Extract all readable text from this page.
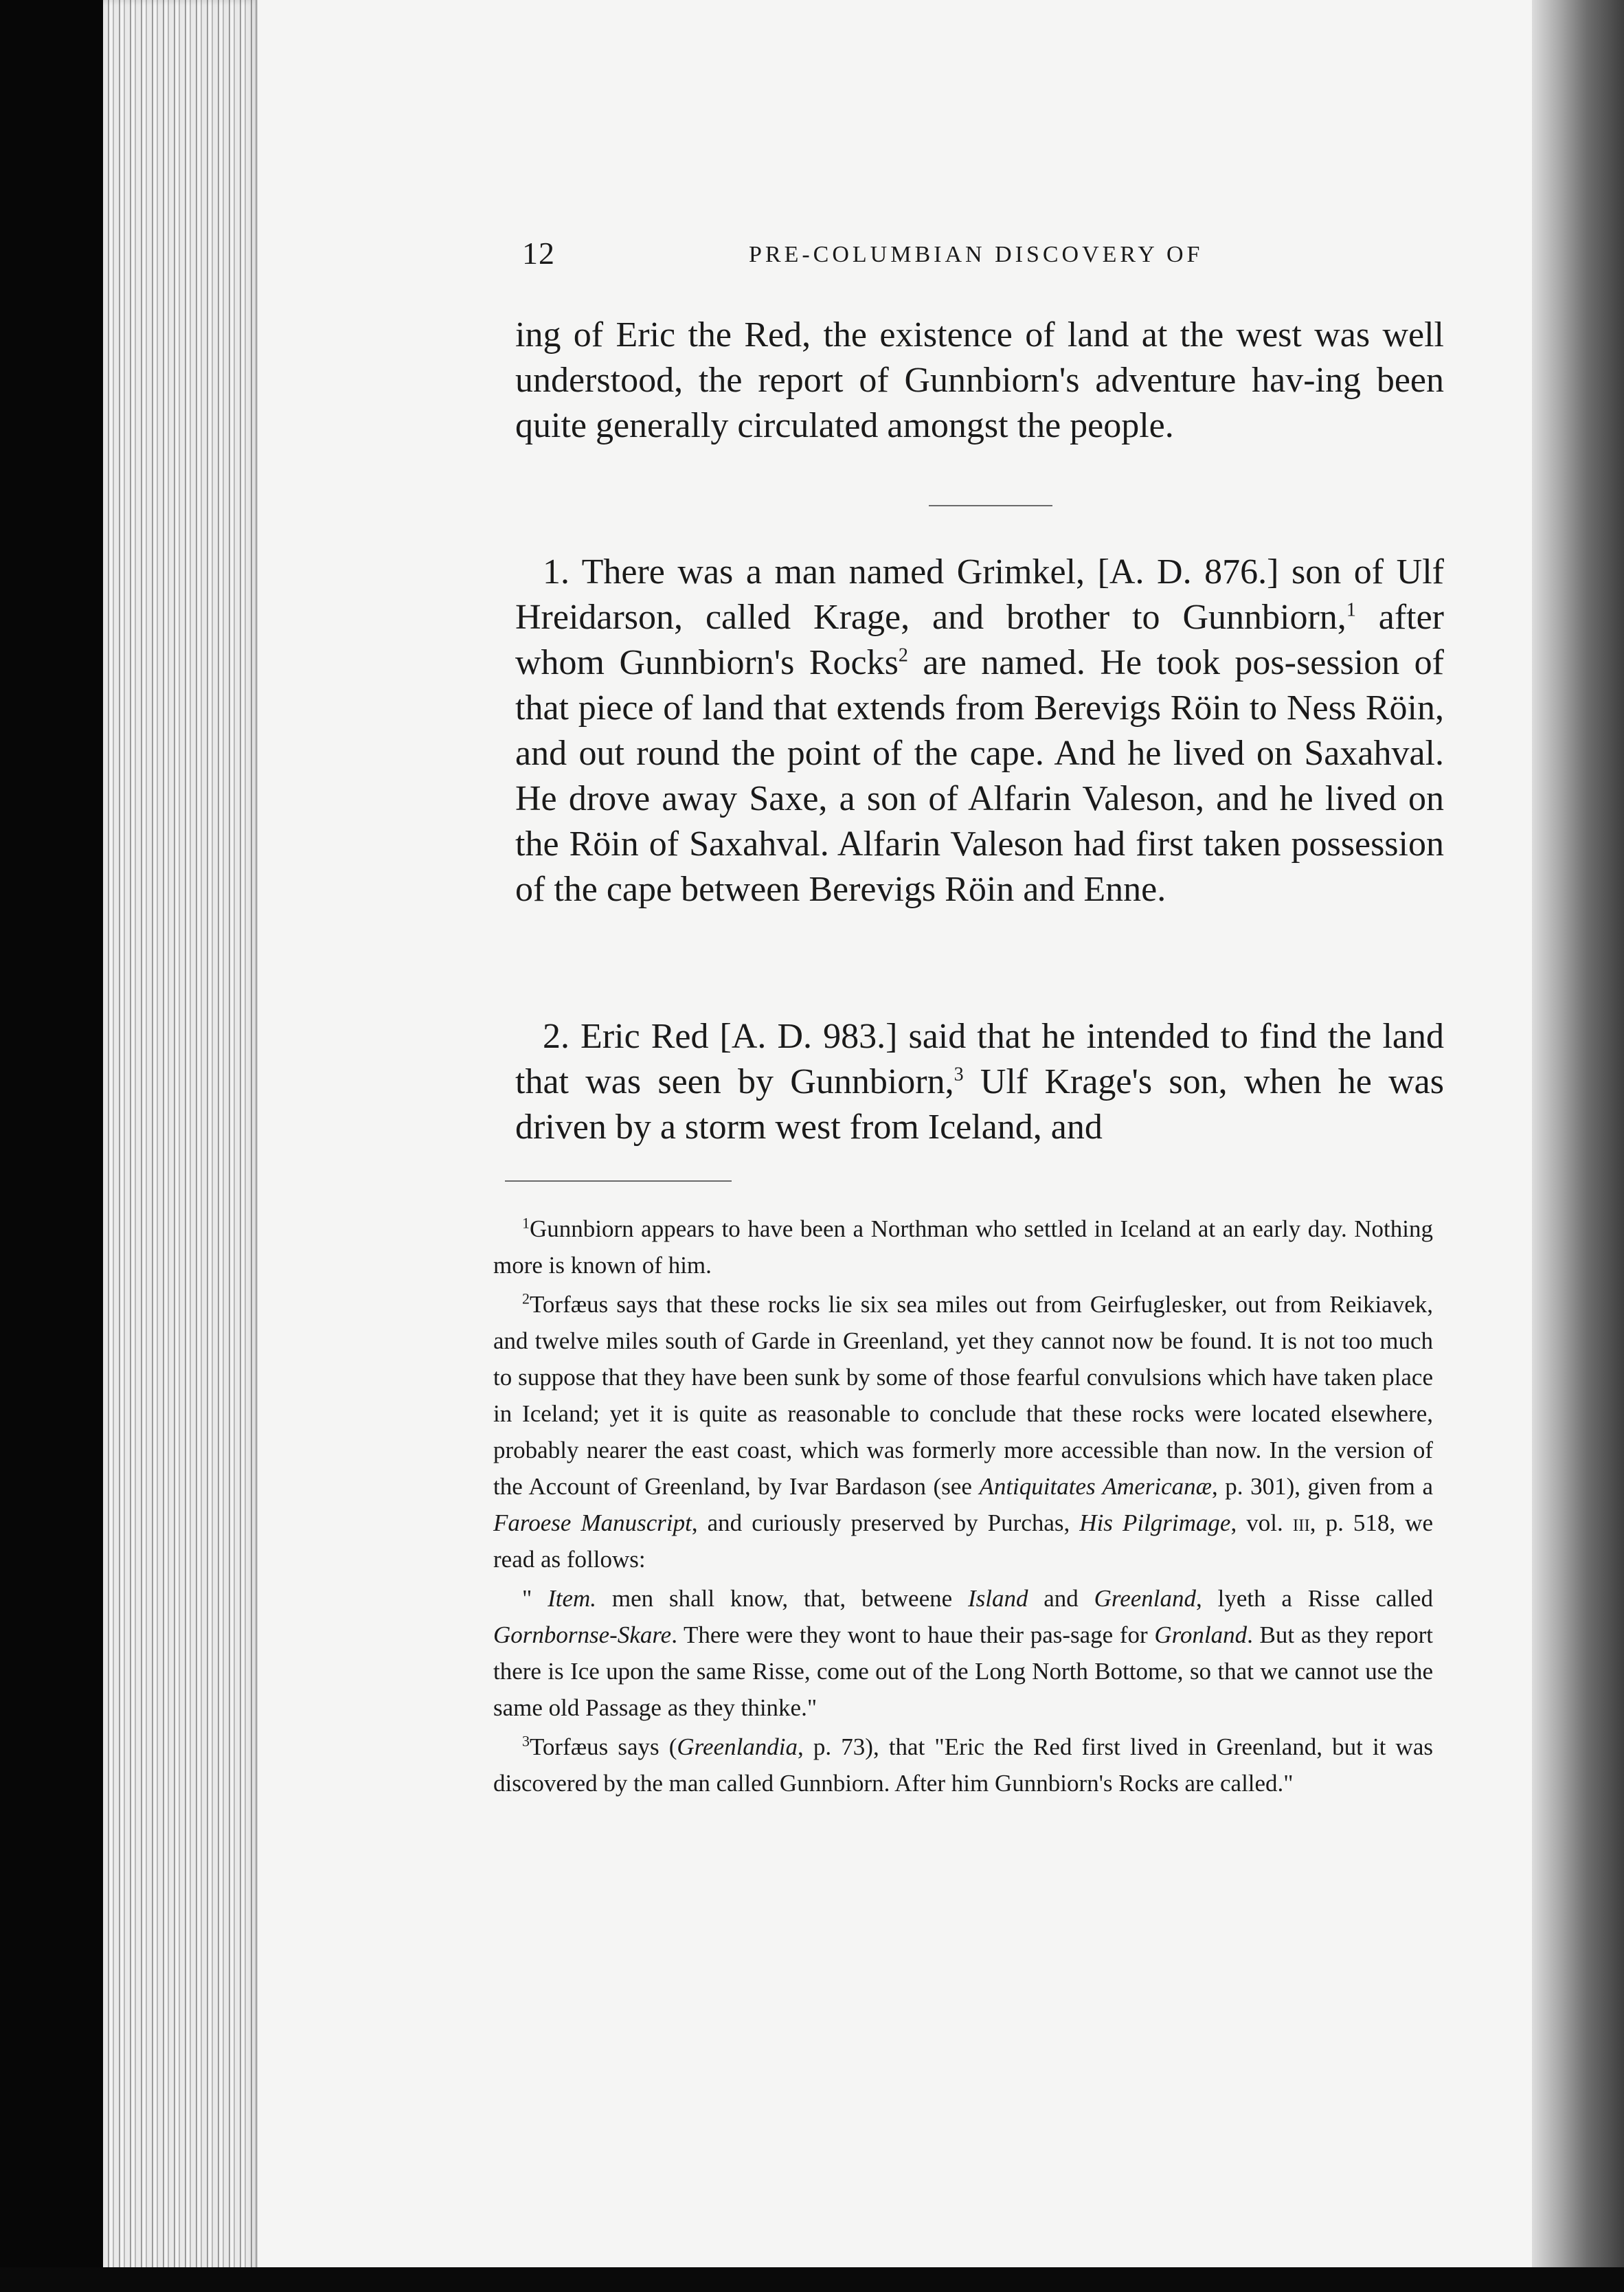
12	PRE-COLUMBIAN DISCOVERY OF
ing of Eric the Red, the existence of land at the west was well understood, the report of Gunnbiorn's adventure hav-ing been quite generally circulated amongst the people.
1. There was a man named Grimkel, [A. D. 876.] son of Ulf Hreidarson, called Krage, and brother to Gunnbiorn,$^1$ after whom Gunnbiorn's Rocks$^2$ are named. He took pos-session of that piece of land that extends from Berevigs Röin to Ness Röin, and out round the point of the cape. And he lived on Saxahval. He drove away Saxe, a son of Alfarin Valeson, and he lived on the Röin of Saxahval. Alfarin Valeson had first taken possession of the cape between Berevigs Röin and Enne.
2. Eric Red [A. D. 983.] said that he intended to find the land that was seen by Gunnbiorn,$^3$ Ulf Krage's son, when he was driven by a storm west from Iceland, and
$^1$Gunnbiorn appears to have been a Northman who settled in Iceland at an early day. Nothing more is known of him.
$^2$Torfæus says that these rocks lie six sea miles out from Geirfuglesker, out from Reikiavek, and twelve miles south of Garde in Greenland, yet they cannot now be found. It is not too much to suppose that they have been sunk by some of those fearful convulsions which have taken place in Iceland; yet it is quite as reasonable to conclude that these rocks were located elsewhere, probably nearer the east coast, which was formerly more accessible than now. In the version of the Account of Greenland, by Ivar Bardason (see Antiquitates Americanæ, p. 301), given from a Faroese Manuscript, and curiously preserved by Purchas, His Pilgrimage, vol. iii, p. 518, we read as follows:
" Item. men shall know, that, betweene Island and Greenland, lyeth a Risse called Gornbornse-Skare. There were they wont to haue their pas-sage for Gronland. But as they report there is Ice upon the same Risse, come out of the Long North Bottome, so that we cannot use the same old Passage as they thinke."
$^3$Torfæus says (Greenlandia, p. 73), that "Eric the Red first lived in Greenland, but it was discovered by the man called Gunnbiorn. After him Gunnbiorn's Rocks are called."
